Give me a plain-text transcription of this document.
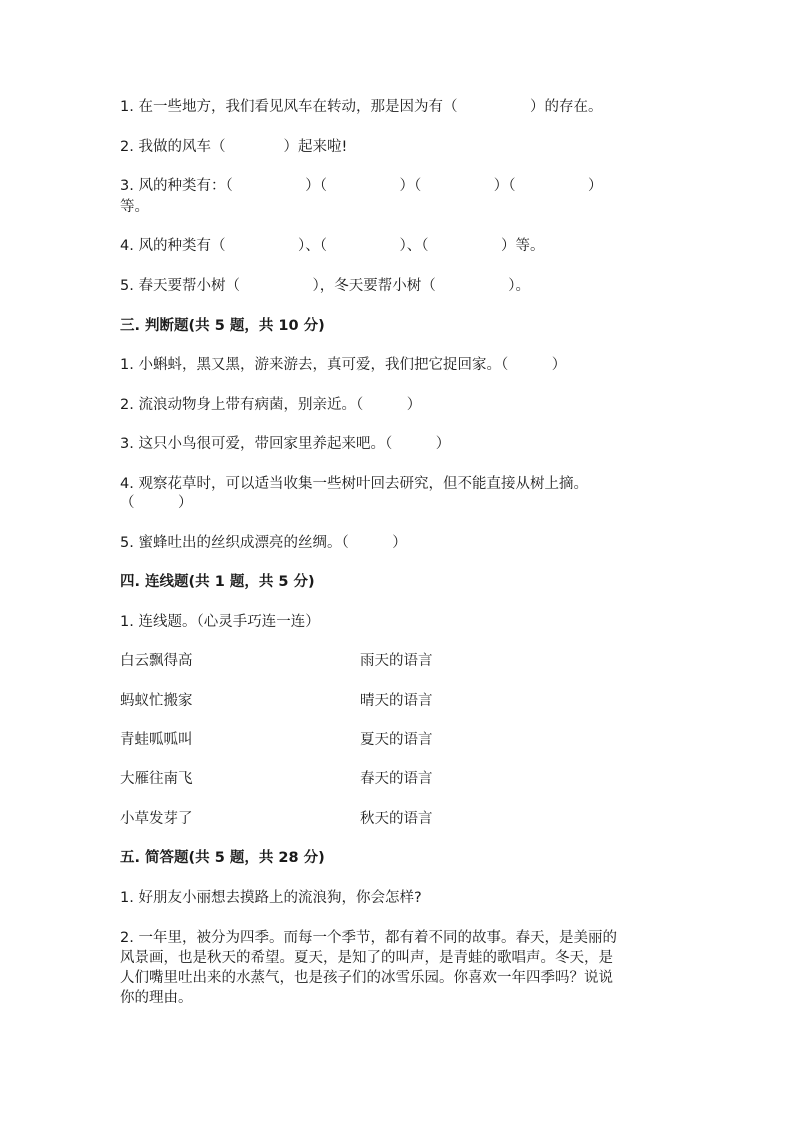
1. 在一些地方，我们看见风车在转动，那是因为有（　　　　　）的存在。
2. 我做的风车（　　　　）起来啦!
3. 风的种类有：（　　　　　）（　　　　　）（　　　　　）（　　　　　）
等。
4. 风的种类有（　　　　　）、（　　　　　）、（　　　　　）等。
5. 春天要帮小树（　　　　　），冬天要帮小树（　　　　　）。
三. 判断题(共 5 题，共 10 分)
1. 小蝌蚪，黑又黑，游来游去，真可爱，我们把它捉回家。（　　　）
2. 流浪动物身上带有病菌，别亲近。（　　　）
3. 这只小鸟很可爱，带回家里养起来吧。（　　　）
4. 观察花草时，可以适当收集一些树叶回去研究，但不能直接从树上摘。
（　　　）
5. 蜜蜂吐出的丝织成漂亮的丝绸。（　　　）
四. 连线题(共 1 题，共 5 分)
1. 连线题。（心灵手巧连一连）
白云飘得高	雨天的语言
蚂蚁忙搬家	晴天的语言
青蛙呱呱叫	夏天的语言
大雁往南飞	春天的语言
小草发芽了	秋天的语言
五. 简答题(共 5 题，共 28 分)
1. 好朋友小丽想去摸路上的流浪狗，你会怎样?
2. 一年里，被分为四季。而每一个季节，都有着不同的故事。春天，是美丽的
风景画，也是秋天的希望。夏天，是知了的叫声，是青蛙的歌唱声。冬天，是
人们嘴里吐出来的水蒸气，也是孩子们的冰雪乐园。你喜欢一年四季吗？说说
你的理由。
